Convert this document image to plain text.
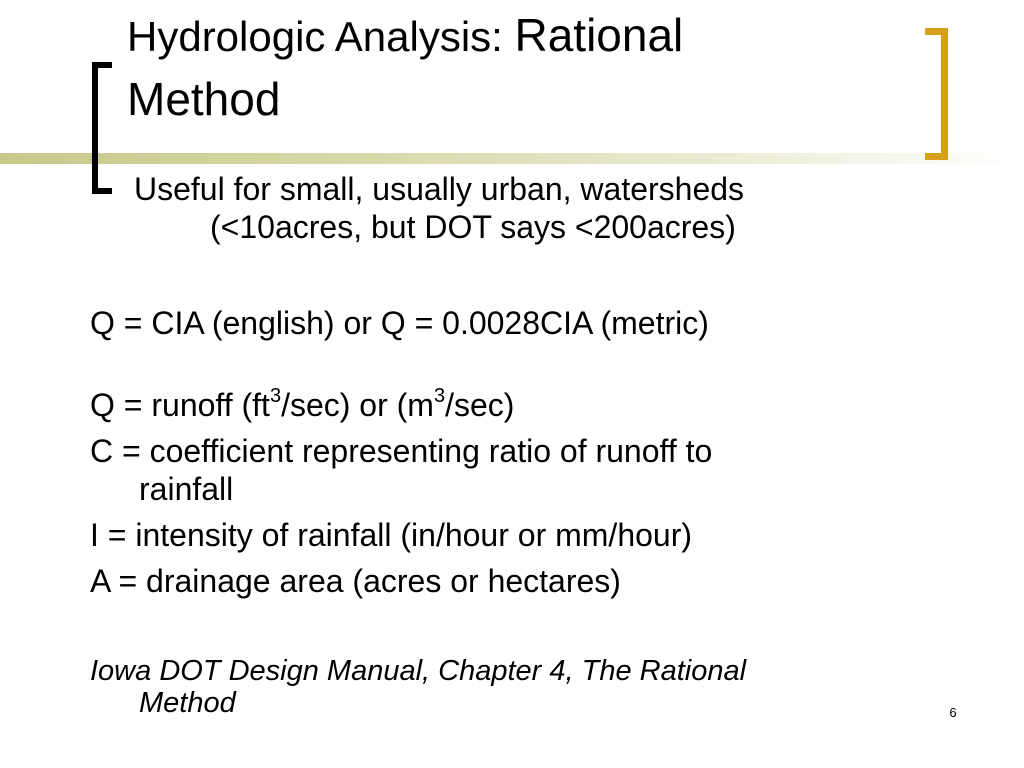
Hydrologic Analysis: Rational
Method
Useful for small, usually urban, watersheds
(<10acres, but DOT says <200acres)
Q = CIA (english) or Q = 0.0028CIA (metric)
Q = runoff $(ft^3/\sec)$ or $(m^3/\sec)$
C = coefficient representing ratio of runoff to
rainfall
I = intensity of rainfall (in/hour or mm/hour)
A = drainage area (acres or hectares)
Iowa DOT Design Manual, Chapter 4, The Rational
Method	6
